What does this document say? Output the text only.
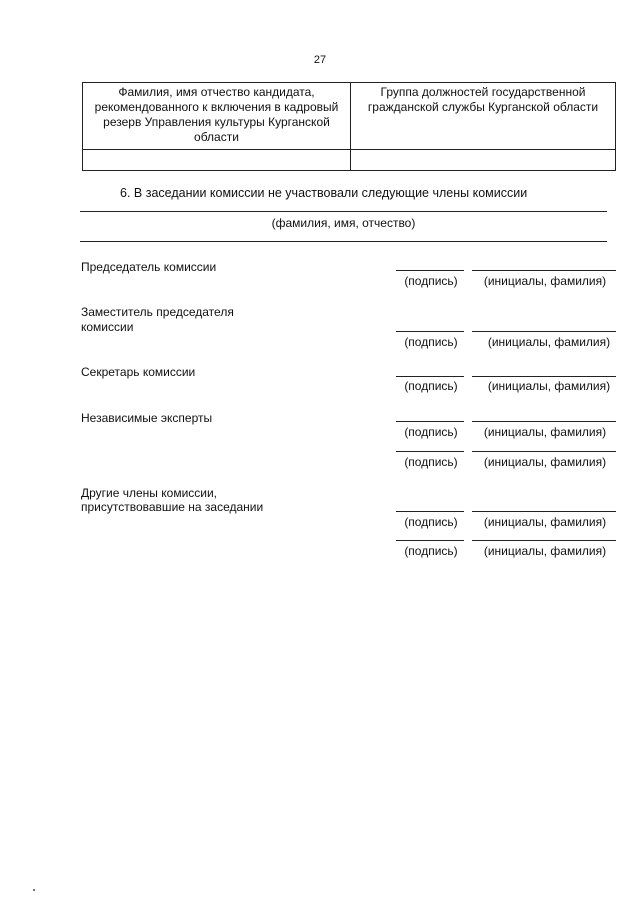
27
Фамилия, имя отчество кандидата, рекомендованного к включения в кадровый резерв Управления культуры Курганской области	Группа должностей государственной гражданской службы Курганской области

6. В заседании комиссии не участвовали следующие члены комиссии
(фамилия, имя, отчество)
Председатель комиссии
(подпись)	(инициалы, фамилия)
Заместитель председателя
комиссии
(подпись)	(инициалы, фамилия)
Секретарь комиссии
(подпись)	(инициалы, фамилия)
Независимые эксперты
(подпись)	(инициалы, фамилия)
(подпись)	(инициалы, фамилия)
Другие члены комиссии,
присутствовавшие на заседании
(подпись)	(инициалы, фамилия)
(подпись)	(инициалы, фамилия)
